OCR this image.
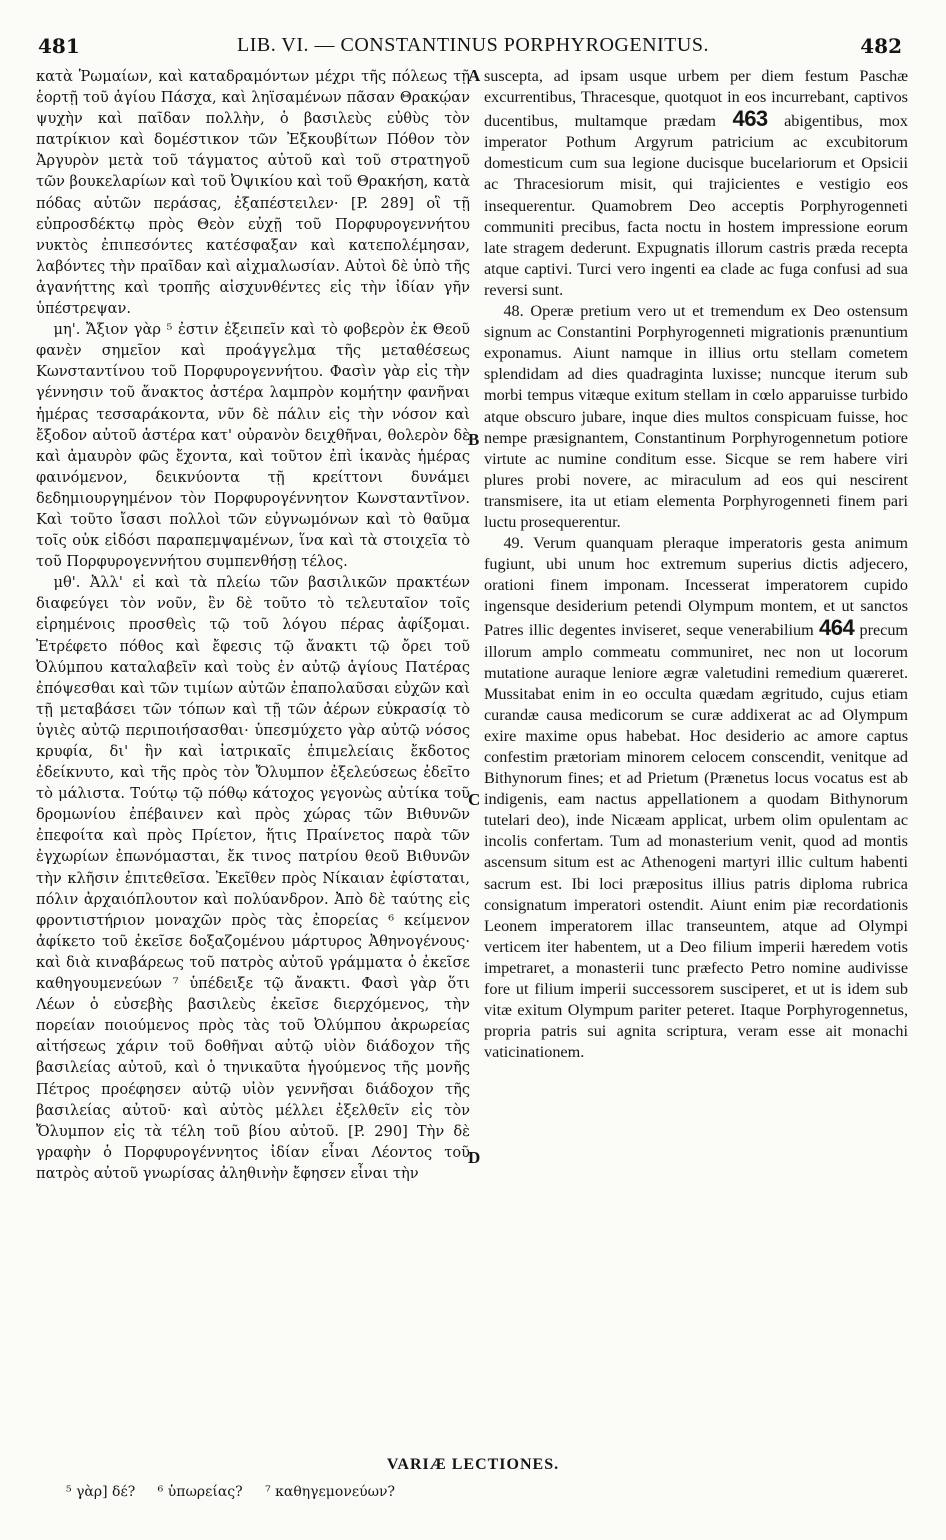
481	LIB. VI. — CONSTANTINUS PORPHYROGENITUS.	482

κατὰ Ῥωμαίων, καὶ καταδραμόντων μέχρι τῆς πόλεως τῇ ἑορτῇ τοῦ ἁγίου Πάσχα, καὶ ληϊσαμένων πᾶσαν Θρακῴαν ψυχὴν καὶ παῖδαν πολλὴν, ὁ βασιλεὺς εὐθὺς τὸν πατρίκιον καὶ δομέστικον τῶν Ἐξκουβίτων Πόθον τὸν Ἀργυρὸν μετὰ τοῦ τάγματος αὐτοῦ καὶ τοῦ στρατηγοῦ τῶν βουκελαρίων καὶ τοῦ Ὀψικίου καὶ τοῦ Θρακήση, κατὰ πόδας αὐτῶν περάσας, ἐξαπέστειλεν· [P. 289] οἳ τῇ εὐπροσδέκτῳ πρὸς Θεὸν εὐχῇ τοῦ Πορφυρογεννήτου νυκτὸς ἐπιπεσόντες κατέσφαξαν καὶ κατεπολέμησαν, λαβόντες τὴν πραῖδαν καὶ αἰχμαλωσίαν. Αὐτοὶ δὲ ὑπὸ τῆς ἀγανήττης καὶ τροπῆς αἰσχυνθέντες εἰς τὴν ἰδίαν γῆν ὑπέστρεψαν.

μη'. Ἄξιον γὰρ ⁵ ἐστιν ἐξειπεῖν καὶ τὸ φοβερὸν ἐκ Θεοῦ φανὲν σημεῖον καὶ προάγγελμα τῆς μεταθέσεως Κωνσταντίνου τοῦ Πορφυρογεννήτου. Φασὶν γὰρ εἰς τὴν γέννησιν τοῦ ἄνακτος ἀστέρα λαμπρὸν κομήτην φανῆναι ἡμέρας τεσσαράκοντα, νῦν δὲ πάλιν εἰς τὴν νόσον καὶ ἔξοδον αὐτοῦ ἀστέρα κατ' οὐρανὸν δειχθῆναι, θολερὸν δὲ καὶ ἀμαυρὸν φῶς ἔχοντα, καὶ τοῦτον ἐπὶ ἱκανὰς ἡμέρας φαινόμενον, δεικνύοντα τῇ κρείττονι δυνάμει δεδημιουργημένον τὸν Πορφυρογέννητον Κωνσταντῖνον. Καὶ τοῦτο ἴσασι πολλοὶ τῶν εὐγνωμόνων καὶ τὸ θαῦμα τοῖς οὐκ εἰδόσι παραπεμψαμένων, ἵνα καὶ τὰ στοιχεῖα τὸ τοῦ Πορφυρογεννήτου συμπενθήσῃ τέλος.

μθ'. Ἀλλ' εἰ καὶ τὰ πλείω τῶν βασιλικῶν πρακτέων διαφεύγει τὸν νοῦν, ἓν δὲ τοῦτο τὸ τελευταῖον τοῖς εἰρημένοις προσθεὶς τῷ τοῦ λόγου πέρας ἀφίξομαι. Ἐτρέφετο πόθος καὶ ἔφεσις τῷ ἄνακτι τῷ ὄρει τοῦ Ὀλύμπου καταλαβεῖν καὶ τοὺς ἐν αὐτῷ ἁγίους Πατέρας ἐπόψεσθαι καὶ τῶν τιμίων αὐτῶν ἐπαπολαῦσαι εὐχῶν καὶ τῇ μεταβάσει τῶν τόπων καὶ τῇ τῶν ἀέρων εὐκρασίᾳ τὸ ὑγιὲς αὐτῷ περιποιήσασθαι· ὑπεσμύχετο γὰρ αὐτῷ νόσος κρυφία, δι' ἣν καὶ ἰατρικαῖς ἐπιμελείαις ἔκδοτος ἐδείκνυτο, καὶ τῆς πρὸς τὸν Ὄλυμπον ἐξελεύσεως ἐδεῖτο τὸ μάλιστα. Τούτῳ τῷ πόθῳ κάτοχος γεγονὼς αὐτίκα τοῦ δρομωνίου ἐπέβαινεν καὶ πρὸς χώρας τῶν Βιθυνῶν ἐπεφοίτα καὶ πρὸς Πρίετον, ἥτις Πραίνετος παρὰ τῶν ἐγχωρίων ἐπωνόμασται, ἔκ τινος πατρίου θεοῦ Βιθυνῶν τὴν κλῆσιν ἐπιτεθεῖσα. Ἐκεῖθεν πρὸς Νίκαιαν ἐφίσταται, πόλιν ἀρχαιόπλουτον καὶ πολύανδρον. Ἀπὸ δὲ ταύτης εἰς φροντιστήριον μοναχῶν πρὸς τὰς ἐπορείας ⁶ κείμενον ἀφίκετο τοῦ ἐκεῖσε δοξαζομένου μάρτυρος Ἀθηνογένους· καὶ διὰ κιναβάρεως τοῦ πατρὸς αὐτοῦ γράμματα ὁ ἐκεῖσε καθηγουμενεύων ⁷ ὑπέδειξε τῷ ἄνακτι. Φασὶ γὰρ ὅτι Λέων ὁ εὐσεβὴς βασιλεὺς ἐκεῖσε διερχόμενος, τὴν πορείαν ποιούμενος πρὸς τὰς τοῦ Ὀλύμπου ἀκρωρείας αἰτήσεως χάριν τοῦ δοθῆναι αὐτῷ υἱὸν διάδοχον τῆς βασιλείας αὐτοῦ, καὶ ὁ τηνικαῦτα ἡγούμενος τῆς μονῆς Πέτρος προέφησεν αὐτῷ υἱὸν γεννῆσαι διάδοχον τῆς βασιλείας αὐτοῦ· καὶ αὐτὸς μέλλει ἐξελθεῖν εἰς τὸν Ὄλυμπον εἰς τὰ τέλη τοῦ βίου αὐτοῦ. [P. 290] Τὴν δὲ γραφὴν ὁ Πορφυρογέννητος ἰδίαν εἶναι Λέοντος τοῦ πατρὸς αὐτοῦ γνωρίσας ἀληθινὴν ἔφησεν εἶναι τὴν

A
B
C
D

suscepta, ad ipsam usque urbem per diem festum Paschæ excurrentibus, Thracesque, quotquot in eos incurrebant, captivos ducentibus, multamque prædam 463 abigentibus, mox imperator Pothum Argyrum patricium ac excubitorum domesticum cum sua legione ducisque bucelariorum et Opsicii ac Thracesiorum misit, qui trajicientes e vestigio eos insequerentur. Quamobrem Deo acceptis Porphyrogenneti communiti precibus, facta noctu in hostem impressione eorum late stragem dederunt. Expugnatis illorum castris præda recepta atque captivi. Turci vero ingenti ea clade ac fuga confusi ad sua reversi sunt.

48. Operæ pretium vero ut et tremendum ex Deo ostensum signum ac Constantini Porphyrogenneti migrationis prænuntium exponamus. Aiunt namque in illius ortu stellam cometem splendidam ad dies quadraginta luxisse; nuncque iterum sub morbi tempus vitæque exitum stellam in cœlo apparuisse turbido atque obscuro jubare, inque dies multos conspicuam fuisse, hoc nempe præsignantem, Constantinum Porphyrogennetum potiore virtute ac numine conditum esse. Sicque se rem habere viri plures probi novere, ac miraculum ad eos qui nescirent transmisere, ita ut etiam elementa Porphyrogenneti finem pari luctu prosequerentur.

49. Verum quanquam pleraque imperatoris gesta animum fugiunt, ubi unum hoc extremum superius dictis adjecero, orationi finem imponam. Incesserat imperatorem cupido ingensque desiderium petendi Olympum montem, et ut sanctos Patres illic degentes inviseret, seque venerabilium 464 precum illorum amplo commeatu communiret, nec non ut locorum mutatione auraque leniore ægræ valetudini remedium quæreret. Mussitabat enim in eo occulta quædam ægritudo, cujus etiam curandæ causa medicorum se curæ addixerat ac ad Olympum exire maxime opus habebat. Hoc desiderio ac amore captus confestim prætoriam minorem celocem conscendit, venitque ad Bithynorum fines; et ad Prietum (Prænetus locus vocatus est ab indigenis, eam nactus appellationem a quodam Bithynorum tutelari deo), inde Nicæam applicat, urbem olim opulentam ac incolis confertam. Tum ad monasterium venit, quod ad montis ascensum situm est ac Athenogeni martyri illic cultum habenti sacrum est. Ibi loci præpositus illius patris diploma rubrica consignatum imperatori ostendit. Aiunt enim piæ recordationis Leonem imperatorem illac transeuntem, atque ad Olympi verticem iter habentem, ut a Deo filium imperii hæredem votis impetraret, a monasterii tunc præfecto Petro nomine audivisse fore ut filium imperii successorem susciperet, et ut is idem sub vitæ exitum Olympum pariter peteret. Itaque Porphyrogennetus, propria patris sui agnita scriptura, veram esse ait monachi vaticinationem.

VARIÆ LECTIONES.
⁵ γὰρ] δέ? ⁶ ὑπωρείας? ⁷ καθηγεμονεύων?
